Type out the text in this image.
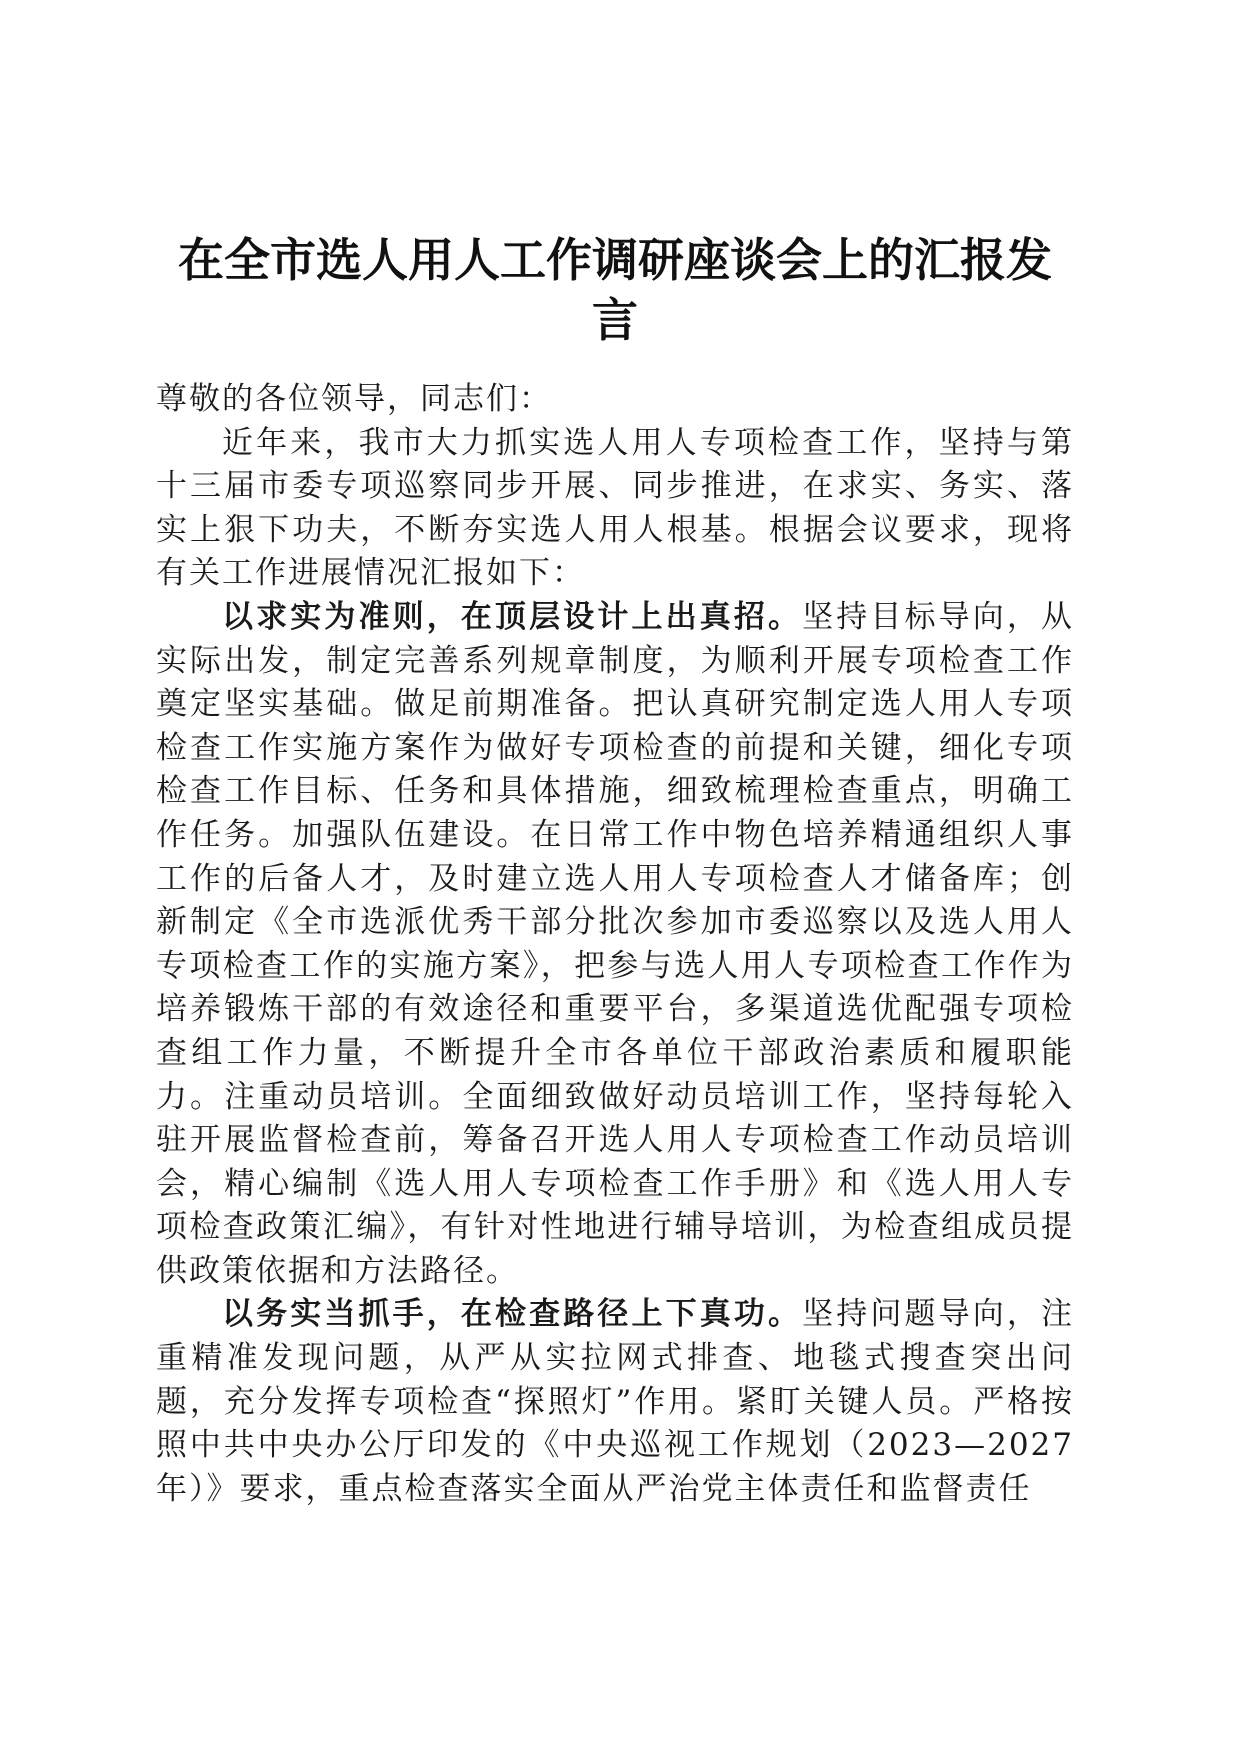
在全市选人用人工作调研座谈会上的汇报发言

尊敬的各位领导，同志们：

近年来，我市大力抓实选人用人专项检查工作，坚持与第十三届市委专项巡察同步开展、同步推进，在求实、务实、落实上狠下功夫，不断夯实选人用人根基。根据会议要求，现将有关工作进展情况汇报如下：

以求实为准则，在顶层设计上出真招。坚持目标导向，从实际出发，制定完善系列规章制度，为顺利开展专项检查工作奠定坚实基础。做足前期准备。把认真研究制定选人用人专项检查工作实施方案作为做好专项检查的前提和关键，细化专项检查工作目标、任务和具体措施，细致梳理检查重点，明确工作任务。加强队伍建设。在日常工作中物色培养精通组织人事工作的后备人才，及时建立选人用人专项检查人才储备库；创新制定《全市选派优秀干部分批次参加市委巡察以及选人用人专项检查工作的实施方案》，把参与选人用人专项检查工作作为培养锻炼干部的有效途径和重要平台，多渠道选优配强专项检查组工作力量，不断提升全市各单位干部政治素质和履职能力。注重动员培训。全面细致做好动员培训工作，坚持每轮入驻开展监督检查前，筹备召开选人用人专项检查工作动员培训会，精心编制《选人用人专项检查工作手册》和《选人用人专项检查政策汇编》，有针对性地进行辅导培训，为检查组成员提供政策依据和方法路径。

以务实当抓手，在检查路径上下真功。坚持问题导向，注重精准发现问题，从严从实拉网式排查、地毯式搜查突出问题，充分发挥专项检查“探照灯”作用。紧盯关键人员。严格按照中共中央办公厅印发的《中央巡视工作规划（2023—2027年）》要求，重点检查落实全面从严治党主体责任和监督责任
